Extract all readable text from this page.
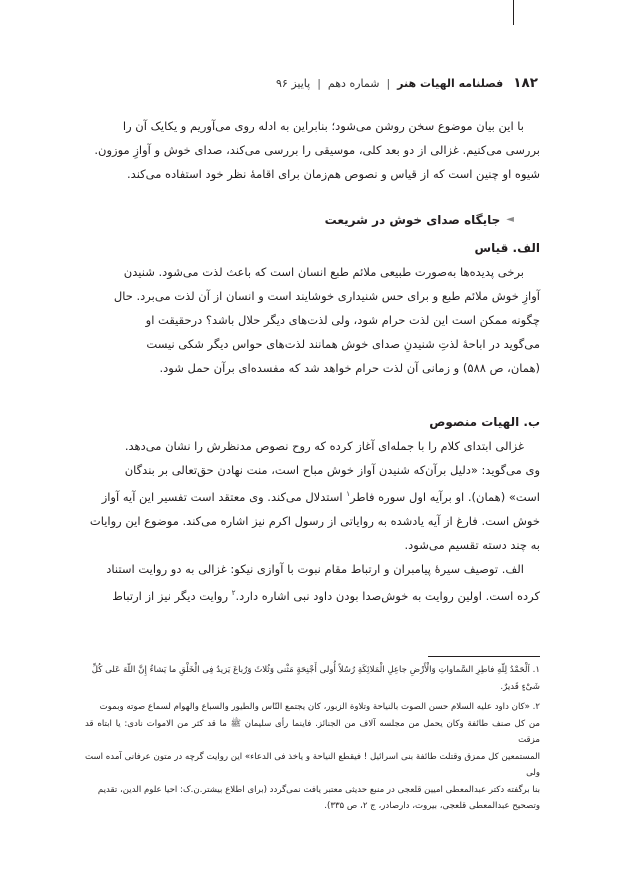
۱۸۲
فصلنامه الهیات هنر
|
شماره دهم
|
پاییز ۹۶

با این بیان موضوع سخن روشن می‌شود؛ بنابراین به ادله روی می‌آوریم و یکایک آن را

بررسی می‌کنیم. غزالی از دو بعد کلی، موسیقی را بررسی می‌کند، صدای خوش و آوازِ موزون.

شیوه او چنین است که از قیاس و نصوص هم‌زمان برای اقامهٔ نظر خود استفاده می‌کند.

◄
جایگاه صدای خوش در شریعت
الف. قیاس

برخی پدیده‌ها به‌صورت طبیعی ملائم طبع انسان است که باعث لذت می‌شود. شنیدن

آوازِ خوش ملائم طبع و برای حس شنیداری خوشایند است و انسان از آن لذت می‌برد. حال

چگونه ممکن است این لذت حرام شود، ولی لذت‌های دیگر حلال باشد؟ درحقیقت او

می‌گوید در اباحهٔ لذتِ شنیدنِ صدای خوش همانند لذت‌های حواس دیگر شکی نیست

(همان، ص ۵۸۸) و زمانی آن لذت حرام خواهد شد که مفسده‌ای برآن حمل شود.

ب. الهیات منصوص

غزالی ابتدای کلام را با جمله‌ای آغاز کرده که روح نصوص مدنظرش را نشان می‌دهد.

وی می‌گوید: «دلیل برآن‌که شنیدن آواز خوش مباح است، منت نهادن حق‌تعالی بر بندگان

است» (همان). او برآیه اول سوره فاطر$^۱$ استدلال می‌کند. وی معتقد است تفسیر این آیه آواز

خوش است. فارغ از آیه یادشده به روایاتی از رسول اکرم نیز اشاره می‌کند. موضوع این روایات

به چند دسته تقسیم می‌شود.

الف. توصیف سیرهٔ پیامبران و ارتباط مقام نبوت با آوازی نیکو: غزالی به دو روایت استناد

کرده است. اولین روایت به خوش‌صدا بودن داود نبی اشاره دارد.$^۲$ روایت دیگر نیز از ارتباط

۱. اَلْحَمْدُ لِلّهِ فاطِرِ السَّماواتِ وَالْأَرْضِ جاعِلِ الْمَلائِکَةِ رُسُلاً أُولی أَجْنِحَةٍ مَثْنی وَثُلاثَ وَرُباعَ یَزیدُ فِی الْخَلْقِ ما یَشاءُ إِنَّ اللّهَ عَلی کُلِّ

شَیْءٍ قَدیرٌ.

۲. «کان داود علیه السلام حسن الصوت بالنیاحة وتلاوة الزبور، کان یجتمع النّاس والطیور والسباع والهوام لسماع صوته وبموت

من کل صنف طائفة وکان یحمل من مجلسه آلاف من الجنائز. فاینما رأی سلیمان ﷺ ما قد کثر من الاموات نادی: یا ابتاه قد مزقت

المستمعین کل ممزق وقتلت طائفة بنی اسرائیل ! فیقطع النیاحة و یاخذ فی الدعاء» این روایت گرچه در متون عرفانی آمده است ولی

بنا برگفته دکتر عبدالمعطی امیین قلعجی در منبع حدیثی معتبر یافت نمی‌گردد (برای اطلاع بیشتر.ن.ک: احیا علوم الدین، تقدیم

وتصحیح عبدالمعطی قلعجی، بیروت، دارصادر، ج ۲، ص ۳۳۵).
